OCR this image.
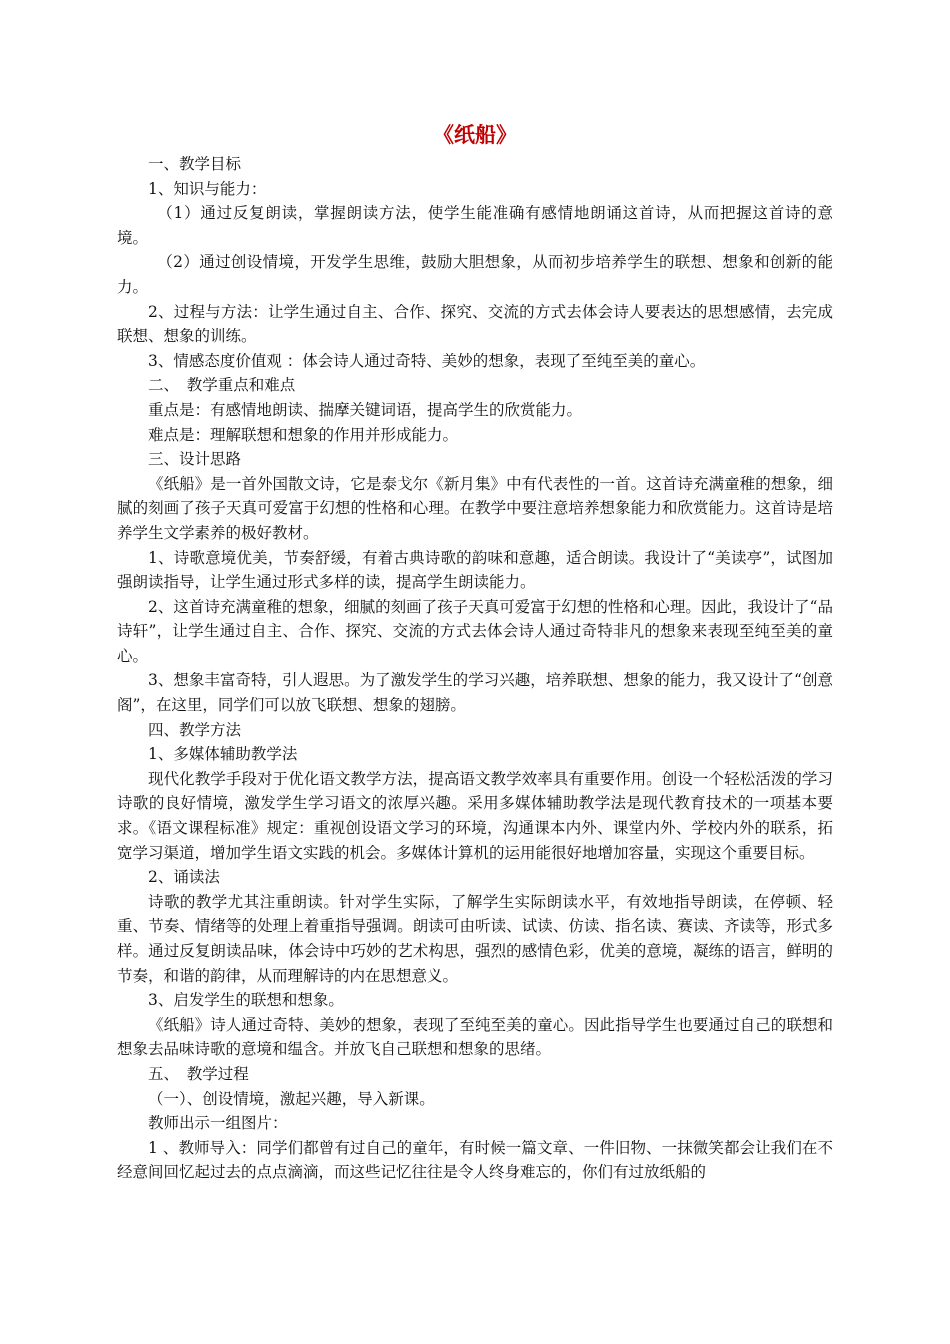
《纸船》

一、教学目标

1、知识与能力：

（1）通过反复朗读，掌握朗读方法，使学生能准确有感情地朗诵这首诗，从而把握这首诗的意境。

（2）通过创设情境，开发学生思维，鼓励大胆想象，从而初步培养学生的联想、想象和创新的能力。

2、过程与方法：让学生通过自主、合作、探究、交流的方式去体会诗人要表达的思想感情，去完成联想、想象的训练。

3、情感态度价值观 ：体会诗人通过奇特、美妙的想象，表现了至纯至美的童心。

二、　教学重点和难点

重点是：有感情地朗读、揣摩关键词语，提高学生的欣赏能力。

难点是：理解联想和想象的作用并形成能力。

三、设计思路

《纸船》是一首外国散文诗，它是泰戈尔《新月集》中有代表性的一首。这首诗充满童稚的想象，细腻的刻画了孩子天真可爱富于幻想的性格和心理。在教学中要注意培养想象能力和欣赏能力。这首诗是培养学生文学素养的极好教材。

1、诗歌意境优美，节奏舒缓，有着古典诗歌的韵味和意趣，适合朗读。我设计了“美读亭”，试图加强朗读指导，让学生通过形式多样的读，提高学生朗读能力。

2、这首诗充满童稚的想象，细腻的刻画了孩子天真可爱富于幻想的性格和心理。因此，我设计了“品诗轩”，让学生通过自主、合作、探究、交流的方式去体会诗人通过奇特非凡的想象来表现至纯至美的童心。

3、想象丰富奇特，引人遐思。为了激发学生的学习兴趣，培养联想、想象的能力，我又设计了“创意阁”，在这里，同学们可以放飞联想、想象的翅膀。

四、教学方法

1、多媒体辅助教学法

现代化教学手段对于优化语文教学方法，提高语文教学效率具有重要作用。创设一个轻松活泼的学习诗歌的良好情境，激发学生学习语文的浓厚兴趣。采用多媒体辅助教学法是现代教育技术的一项基本要求。《语文课程标准》规定：重视创设语文学习的环境，沟通课本内外、课堂内外、学校内外的联系，拓宽学习渠道，增加学生语文实践的机会。多媒体计算机的运用能很好地增加容量，实现这个重要目标。

2、诵读法

诗歌的教学尤其注重朗读。针对学生实际，了解学生实际朗读水平，有效地指导朗读，在停顿、轻重、节奏、情绪等的处理上着重指导强调。朗读可由听读、试读、仿读、指名读、赛读、齐读等，形式多样。通过反复朗读品味，体会诗中巧妙的艺术构思，强烈的感情色彩，优美的意境，凝练的语言，鲜明的节奏，和谐的韵律，从而理解诗的内在思想意义。

3、启发学生的联想和想象。

《纸船》诗人通过奇特、美妙的想象，表现了至纯至美的童心。因此指导学生也要通过自己的联想和想象去品味诗歌的意境和缊含。并放飞自己联想和想象的思绪。

五、　教学过程

（一）、创设情境，激起兴趣，导入新课。

教师出示一组图片：

1 、教师导入：同学们都曾有过自己的童年，有时候一篇文章、一件旧物、一抹微笑都会让我们在不经意间回忆起过去的点点滴滴，而这些记忆往往是令人终身难忘的，你们有过放纸船的
